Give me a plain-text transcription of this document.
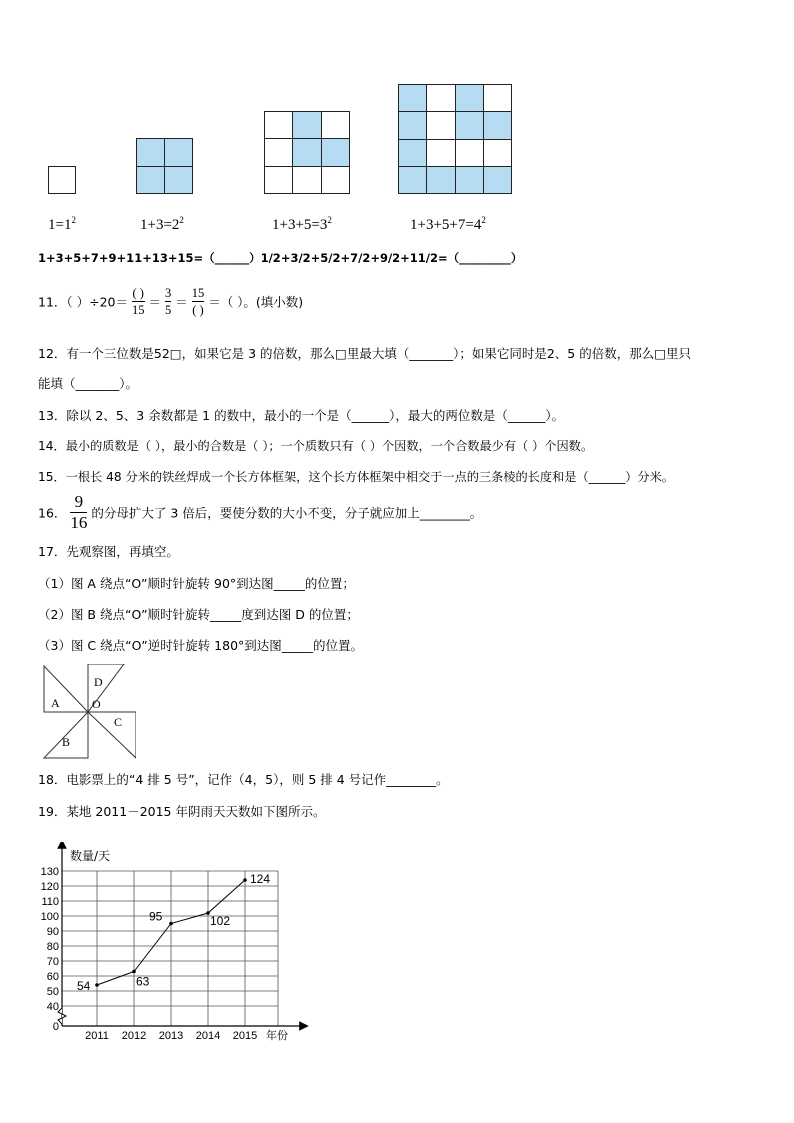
$1=1^2$	$1+3=2^2$	$1+3+5=3^2$	$1+3+5+7=4^2$
1+3+5+7+9+11+13+15=（______）1/2+3/2+5/2+7/2+9/2+11/2=（_________）
11．（ ）÷20＝
( )
15
＝ $\frac{3}{5}$ ＝
15
( )
＝（ ）。(填小数)
12．有一个三位数是52□，如果它是 3 的倍数，那么□里最大填（_______）；如果它同时是2、5 的倍数，那么□里只
能填（_______）。
13．除以 2、5、3 余数都是 1 的数中，最小的一个是（______），最大的两位数是（______）。
14．最小的质数是（ ），最小的合数是（ ）；一个质数只有（ ）个因数，一个合数最少有（ ）个因数。
15．一根长 48 分米的铁丝焊成一个长方体框架，这个长方体框架中相交于一点的三条棱的长度和是（______）分米。
16． $\frac{9}{16}$ 的分母扩大了 3 倍后，要使分数的大小不变，分子就应加上________。
17．先观察图，再填空。
（1）图 A 绕点“O”顺时针旋转 90°到达图_____的位置；
（2）图 B 绕点“O”顺时针旋转_____度到达图 D 的位置；
（3）图 C 绕点“O”逆时针旋转 180°到达图_____的位置。
A
D
C
B
O
18．电影票上的“4 排 5 号”，记作（4，5），则 5 排 4 号记作________。
19．某地 2011－2015 年阴雨天天数如下图所示。
0
40
50
60
70
80
90
100
110
120
130
2011 2012 2013 2014 2015
54	63
95	102
124
数量/天
年份
